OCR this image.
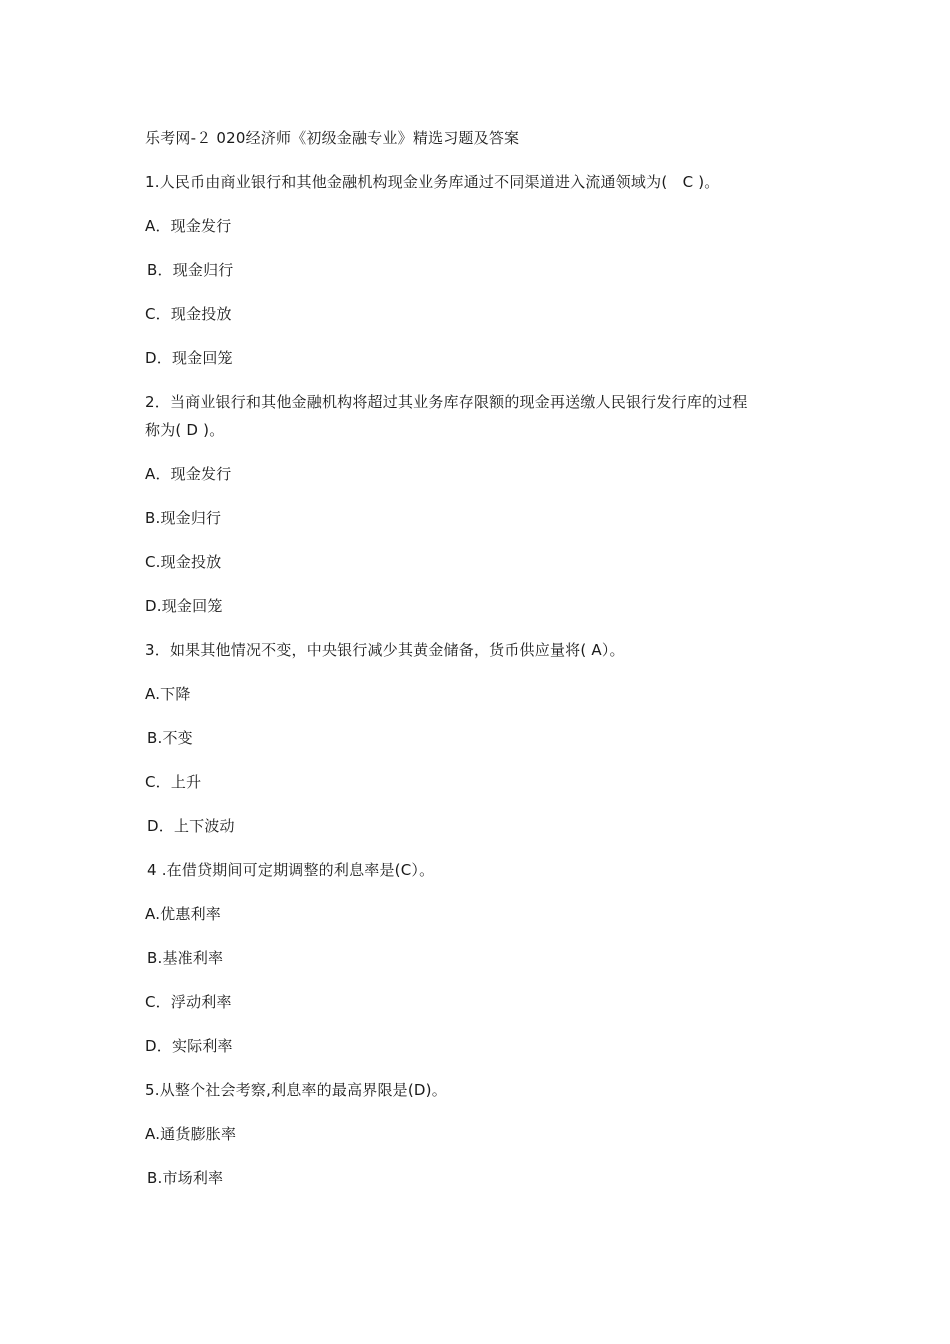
乐考网-２ 020经济师《初级金融专业》精选习题及答案
1.人民币由商业银行和其他金融机构现金业务库通过不同渠道进入流通领域为(　C )。
A．现金发行
B．现金归行
C．现金投放
D．现金回笼
2．当商业银行和其他金融机构将超过其业务库存限额的现金再送缴人民银行发行库的过程
称为( D )。
A．现金发行
B.现金归行
C.现金投放
D.现金回笼
3．如果其他情况不变，中央银行减少其黄金储备，货币供应量将( A）。
A.下降
B.不变
C．上升
D．上下波动
4 .在借贷期间可定期调整的利息率是(C）。
A.优惠利率
B.基准利率
C．浮动利率
D．实际利率
5.从整个社会考察,利息率的最高界限是(D)。
A.通货膨胀率
B.市场利率
